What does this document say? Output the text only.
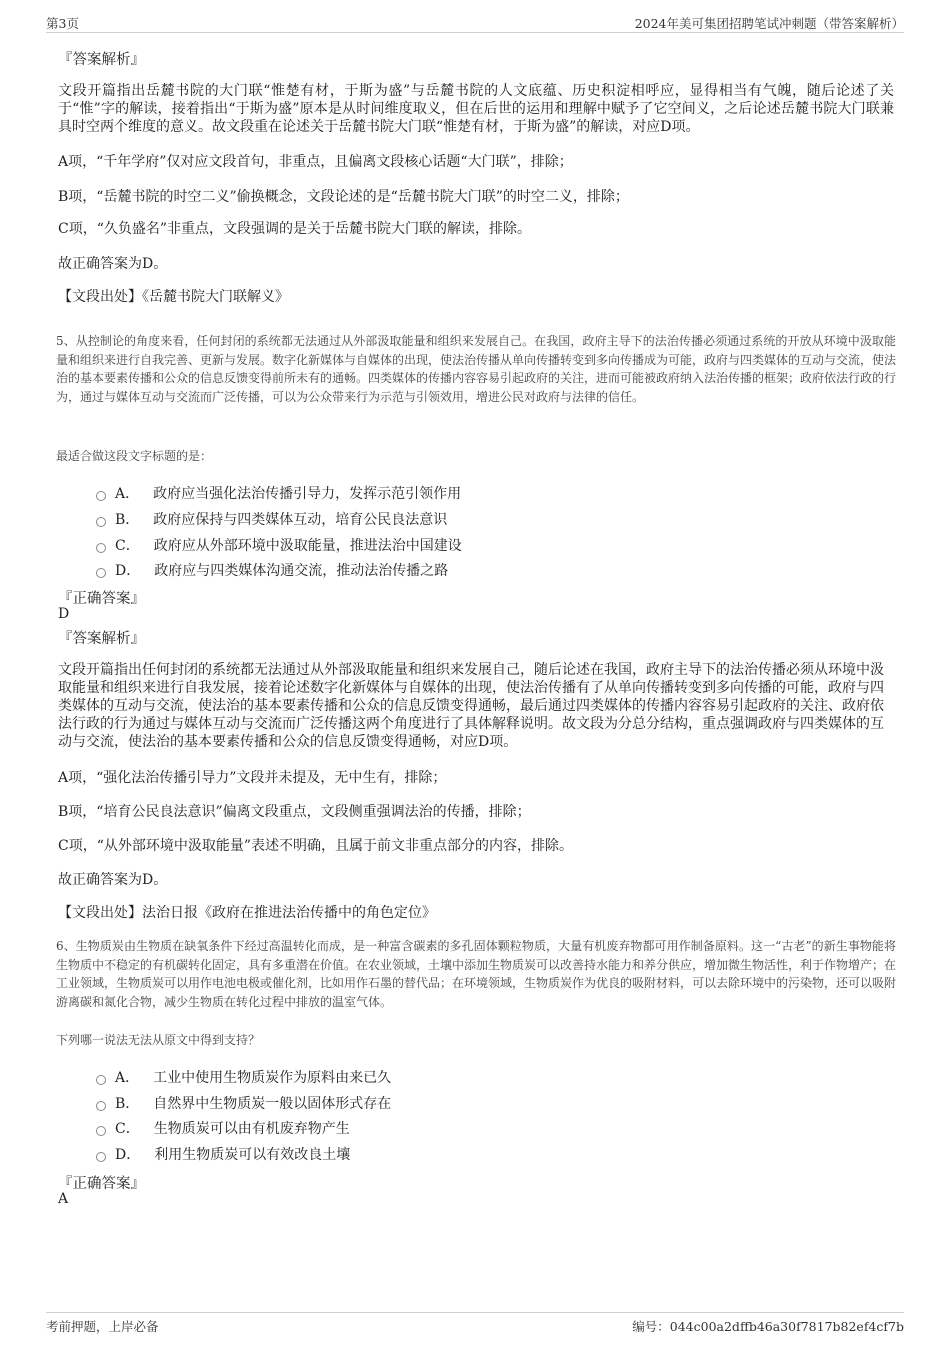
第3页	2024年美可集团招聘笔试冲刺题（带答案解析）
『答案解析』
文段开篇指出岳麓书院的大门联“惟楚有材，于斯为盛”与岳麓书院的人文底蕴、历史积淀相呼应，显得相当有气魄，随后论述了关于“惟”字的解读，接着指出“于斯为盛”原本是从时间维度取义，但在后世的运用和理解中赋予了它空间义，之后论述岳麓书院大门联兼具时空两个维度的意义。故文段重在论述关于岳麓书院大门联“惟楚有材，于斯为盛”的解读，对应D项。
A项，“千年学府”仅对应文段首句，非重点，且偏离文段核心话题“大门联”，排除；
B项，“岳麓书院的时空二义”偷换概念，文段论述的是“岳麓书院大门联”的时空二义，排除；
C项，“久负盛名”非重点，文段强调的是关于岳麓书院大门联的解读，排除。
故正确答案为D。
【文段出处】《岳麓书院大门联解义》
5、从控制论的角度来看，任何封闭的系统都无法通过从外部汲取能量和组织来发展自己。在我国，政府主导下的法治传播必须通过系统的开放从环境中汲取能量和组织来进行自我完善、更新与发展。数字化新媒体与自媒体的出现，使法治传播从单向传播转变到多向传播成为可能，政府与四类媒体的互动与交流，使法治的基本要素传播和公众的信息反馈变得前所未有的通畅。四类媒体的传播内容容易引起政府的关注，进而可能被政府纳入法治传播的框架；政府依法行政的行为，通过与媒体互动与交流而广泛传播，可以为公众带来行为示范与引领效用，增进公民对政府与法律的信任。
最适合做这段文字标题的是：
A． 政府应当强化法治传播引导力，发挥示范引领作用
B． 政府应保持与四类媒体互动，培育公民良法意识
C． 政府应从外部环境中汲取能量，推进法治中国建设
D． 政府应与四类媒体沟通交流，推动法治传播之路
『正确答案』
D
『答案解析』
文段开篇指出任何封闭的系统都无法通过从外部汲取能量和组织来发展自己，随后论述在我国，政府主导下的法治传播必须从环境中汲取能量和组织来进行自我发展，接着论述数字化新媒体与自媒体的出现，使法治传播有了从单向传播转变到多向传播的可能，政府与四类媒体的互动与交流，使法治的基本要素传播和公众的信息反馈变得通畅，最后通过四类媒体的传播内容容易引起政府的关注、政府依法行政的行为通过与媒体互动与交流而广泛传播这两个角度进行了具体解释说明。故文段为分总分结构，重点强调政府与四类媒体的互动与交流，使法治的基本要素传播和公众的信息反馈变得通畅，对应D项。
A项，“强化法治传播引导力”文段并未提及，无中生有，排除；
B项，“培育公民良法意识”偏离文段重点，文段侧重强调法治的传播，排除；
C项，“从外部环境中汲取能量”表述不明确，且属于前文非重点部分的内容，排除。
故正确答案为D。
【文段出处】法治日报《政府在推进法治传播中的角色定位》
6、生物质炭由生物质在缺氧条件下经过高温转化而成，是一种富含碳素的多孔固体颗粒物质，大量有机废弃物都可用作制备原料。这一“古老”的新生事物能将生物质中不稳定的有机碳转化固定，具有多重潜在价值。在农业领域，土壤中添加生物质炭可以改善持水能力和养分供应，增加微生物活性，利于作物增产；在工业领域，生物质炭可以用作电池电极或催化剂，比如用作石墨的替代品；在环境领域，生物质炭作为优良的吸附材料，可以去除环境中的污染物，还可以吸附游离碳和氮化合物，减少生物质在转化过程中排放的温室气体。
下列哪一说法无法从原文中得到支持？
A． 工业中使用生物质炭作为原料由来已久
B． 自然界中生物质炭一般以固体形式存在
C． 生物质炭可以由有机废弃物产生
D． 利用生物质炭可以有效改良土壤
『正确答案』
A
考前押题，上岸必备	编号：044c00a2dffb46a30f7817b82ef4cf7b
